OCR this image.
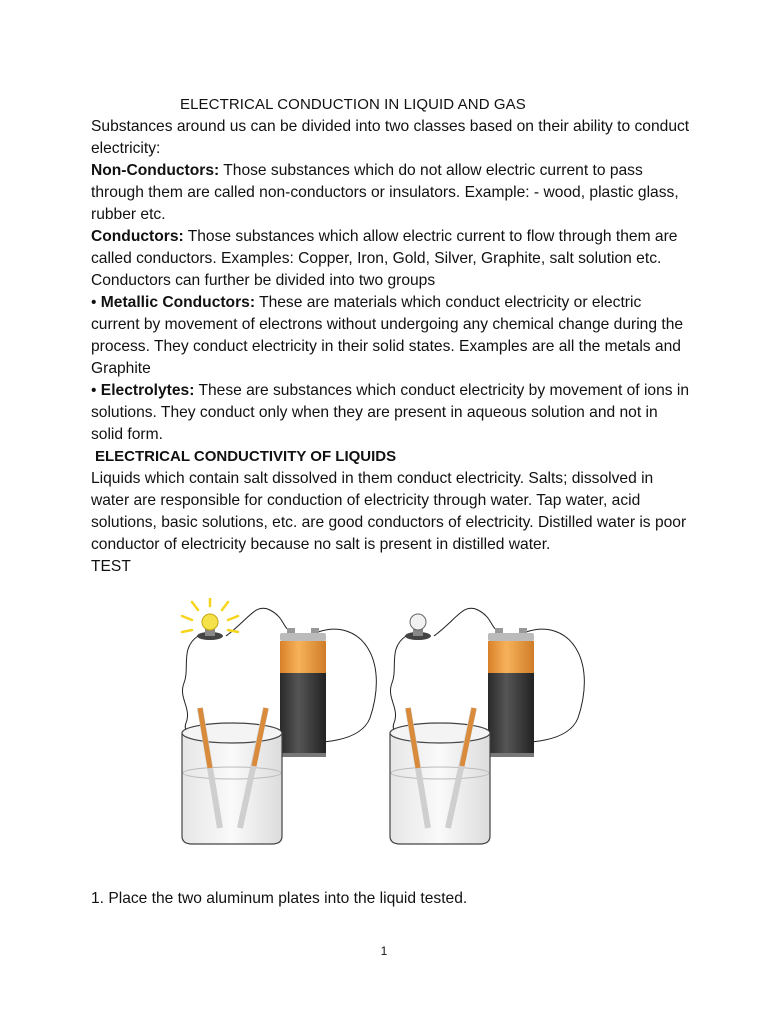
ELECTRICAL CONDUCTION IN LIQUID AND GAS

Substances around us can be divided into two classes based on their ability to conduct electricity:

Non-Conductors: Those substances which do not allow electric current to pass through them are called non-conductors or insulators. Example: - wood, plastic glass, rubber etc.

Conductors: Those substances which allow electric current to flow through them are called conductors. Examples: Copper, Iron, Gold, Silver, Graphite, salt solution etc.

Conductors can further be divided into two groups

• Metallic Conductors: These are materials which conduct electricity or electric current by movement of electrons without undergoing any chemical change during the process. They conduct electricity in their solid states. Examples are all the metals and Graphite

• Electrolytes: These are substances which conduct electricity by movement of ions in solutions. They conduct only when they are present in aqueous solution and not in solid form.

ELECTRICAL CONDUCTIVITY OF LIQUIDS

Liquids which contain salt dissolved in them conduct electricity. Salts; dissolved in water are responsible for conduction of electricity through water. Tap water, acid solutions, basic solutions, etc. are good conductors of electricity. Distilled water is poor conductor of electricity because no salt is present in distilled water.

TEST

1. Place the two aluminum plates into the liquid tested.
1
